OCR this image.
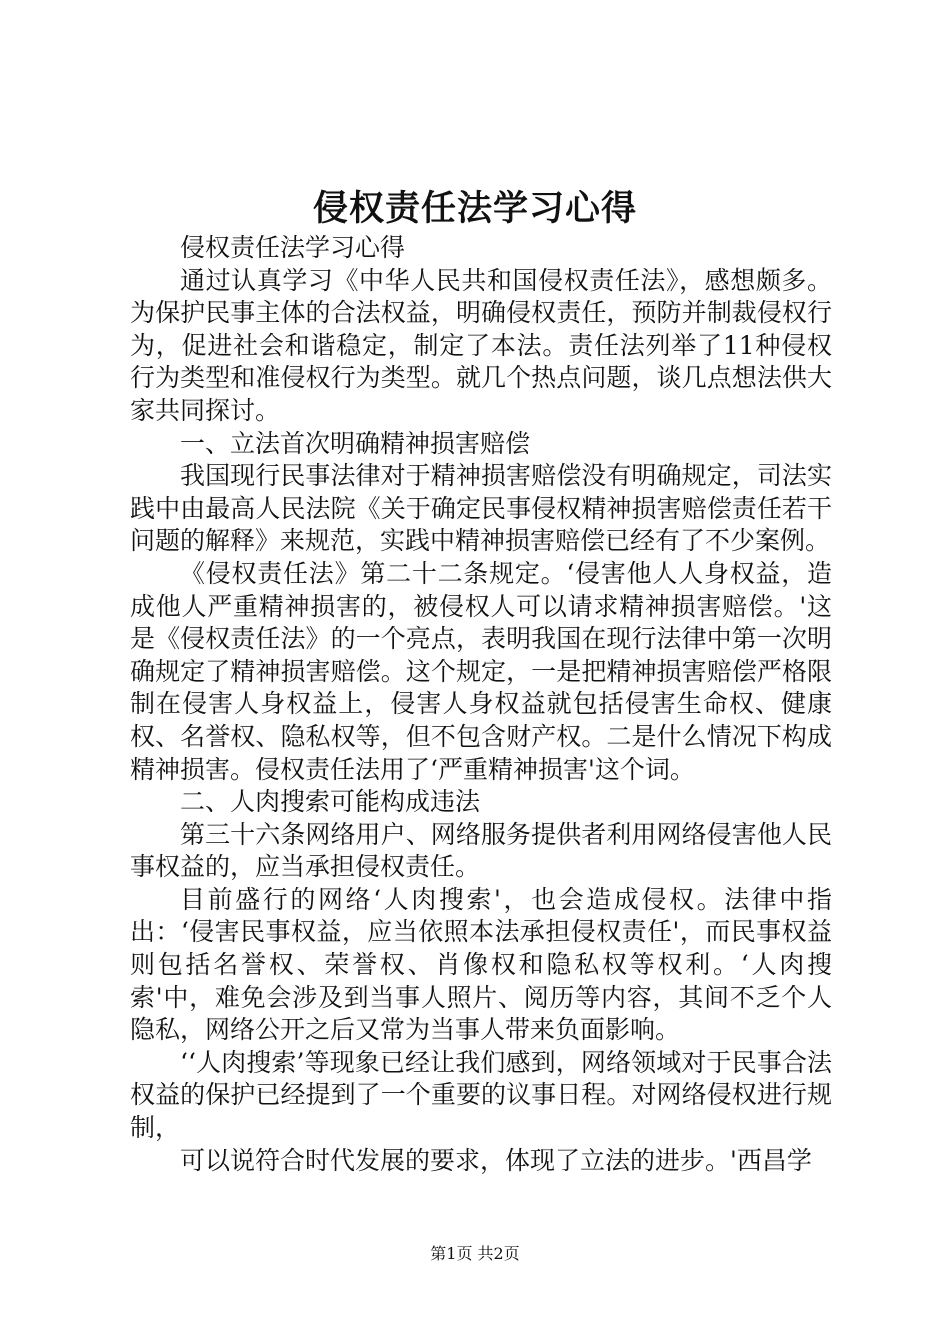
侵权责任法学习心得

侵权责任法学习心得

通过认真学习《中华人民共和国侵权责任法》，感想颇多。为保护民事主体的合法权益，明确侵权责任，预防并制裁侵权行为，促进社会和谐稳定，制定了本法。责任法列举了11种侵权行为类型和准侵权行为类型。就几个热点问题，谈几点想法供大家共同探讨。

一、立法首次明确精神损害赔偿

我国现行民事法律对于精神损害赔偿没有明确规定，司法实践中由最高人民法院《关于确定民事侵权精神损害赔偿责任若干问题的解释》来规范，实践中精神损害赔偿已经有了不少案例。

《侵权责任法》第二十二条规定。‘侵害他人人身权益，造成他人严重精神损害的，被侵权人可以请求精神损害赔偿。'这是《侵权责任法》的一个亮点，表明我国在现行法律中第一次明确规定了精神损害赔偿。这个规定，一是把精神损害赔偿严格限制在侵害人身权益上，侵害人身权益就包括侵害生命权、健康权、名誉权、隐私权等，但不包含财产权。二是什么情况下构成精神损害。侵权责任法用了‘严重精神损害'这个词。

二、人肉搜索可能构成违法

第三十六条网络用户、网络服务提供者利用网络侵害他人民事权益的，应当承担侵权责任。

目前盛行的网络‘人肉搜索'，也会造成侵权。法律中指出：‘侵害民事权益，应当依照本法承担侵权责任'，而民事权益则包括名誉权、荣誉权、肖像权和隐私权等权利。‘人肉搜索'中，难免会涉及到当事人照片、阅历等内容，其间不乏个人隐私，网络公开之后又常为当事人带来负面影响。

‘‘人肉搜索’等现象已经让我们感到，网络领域对于民事合法权益的保护已经提到了一个重要的议事日程。对网络侵权进行规制，

可以说符合时代发展的要求，体现了立法的进步。'西昌学

第1页 共2页
